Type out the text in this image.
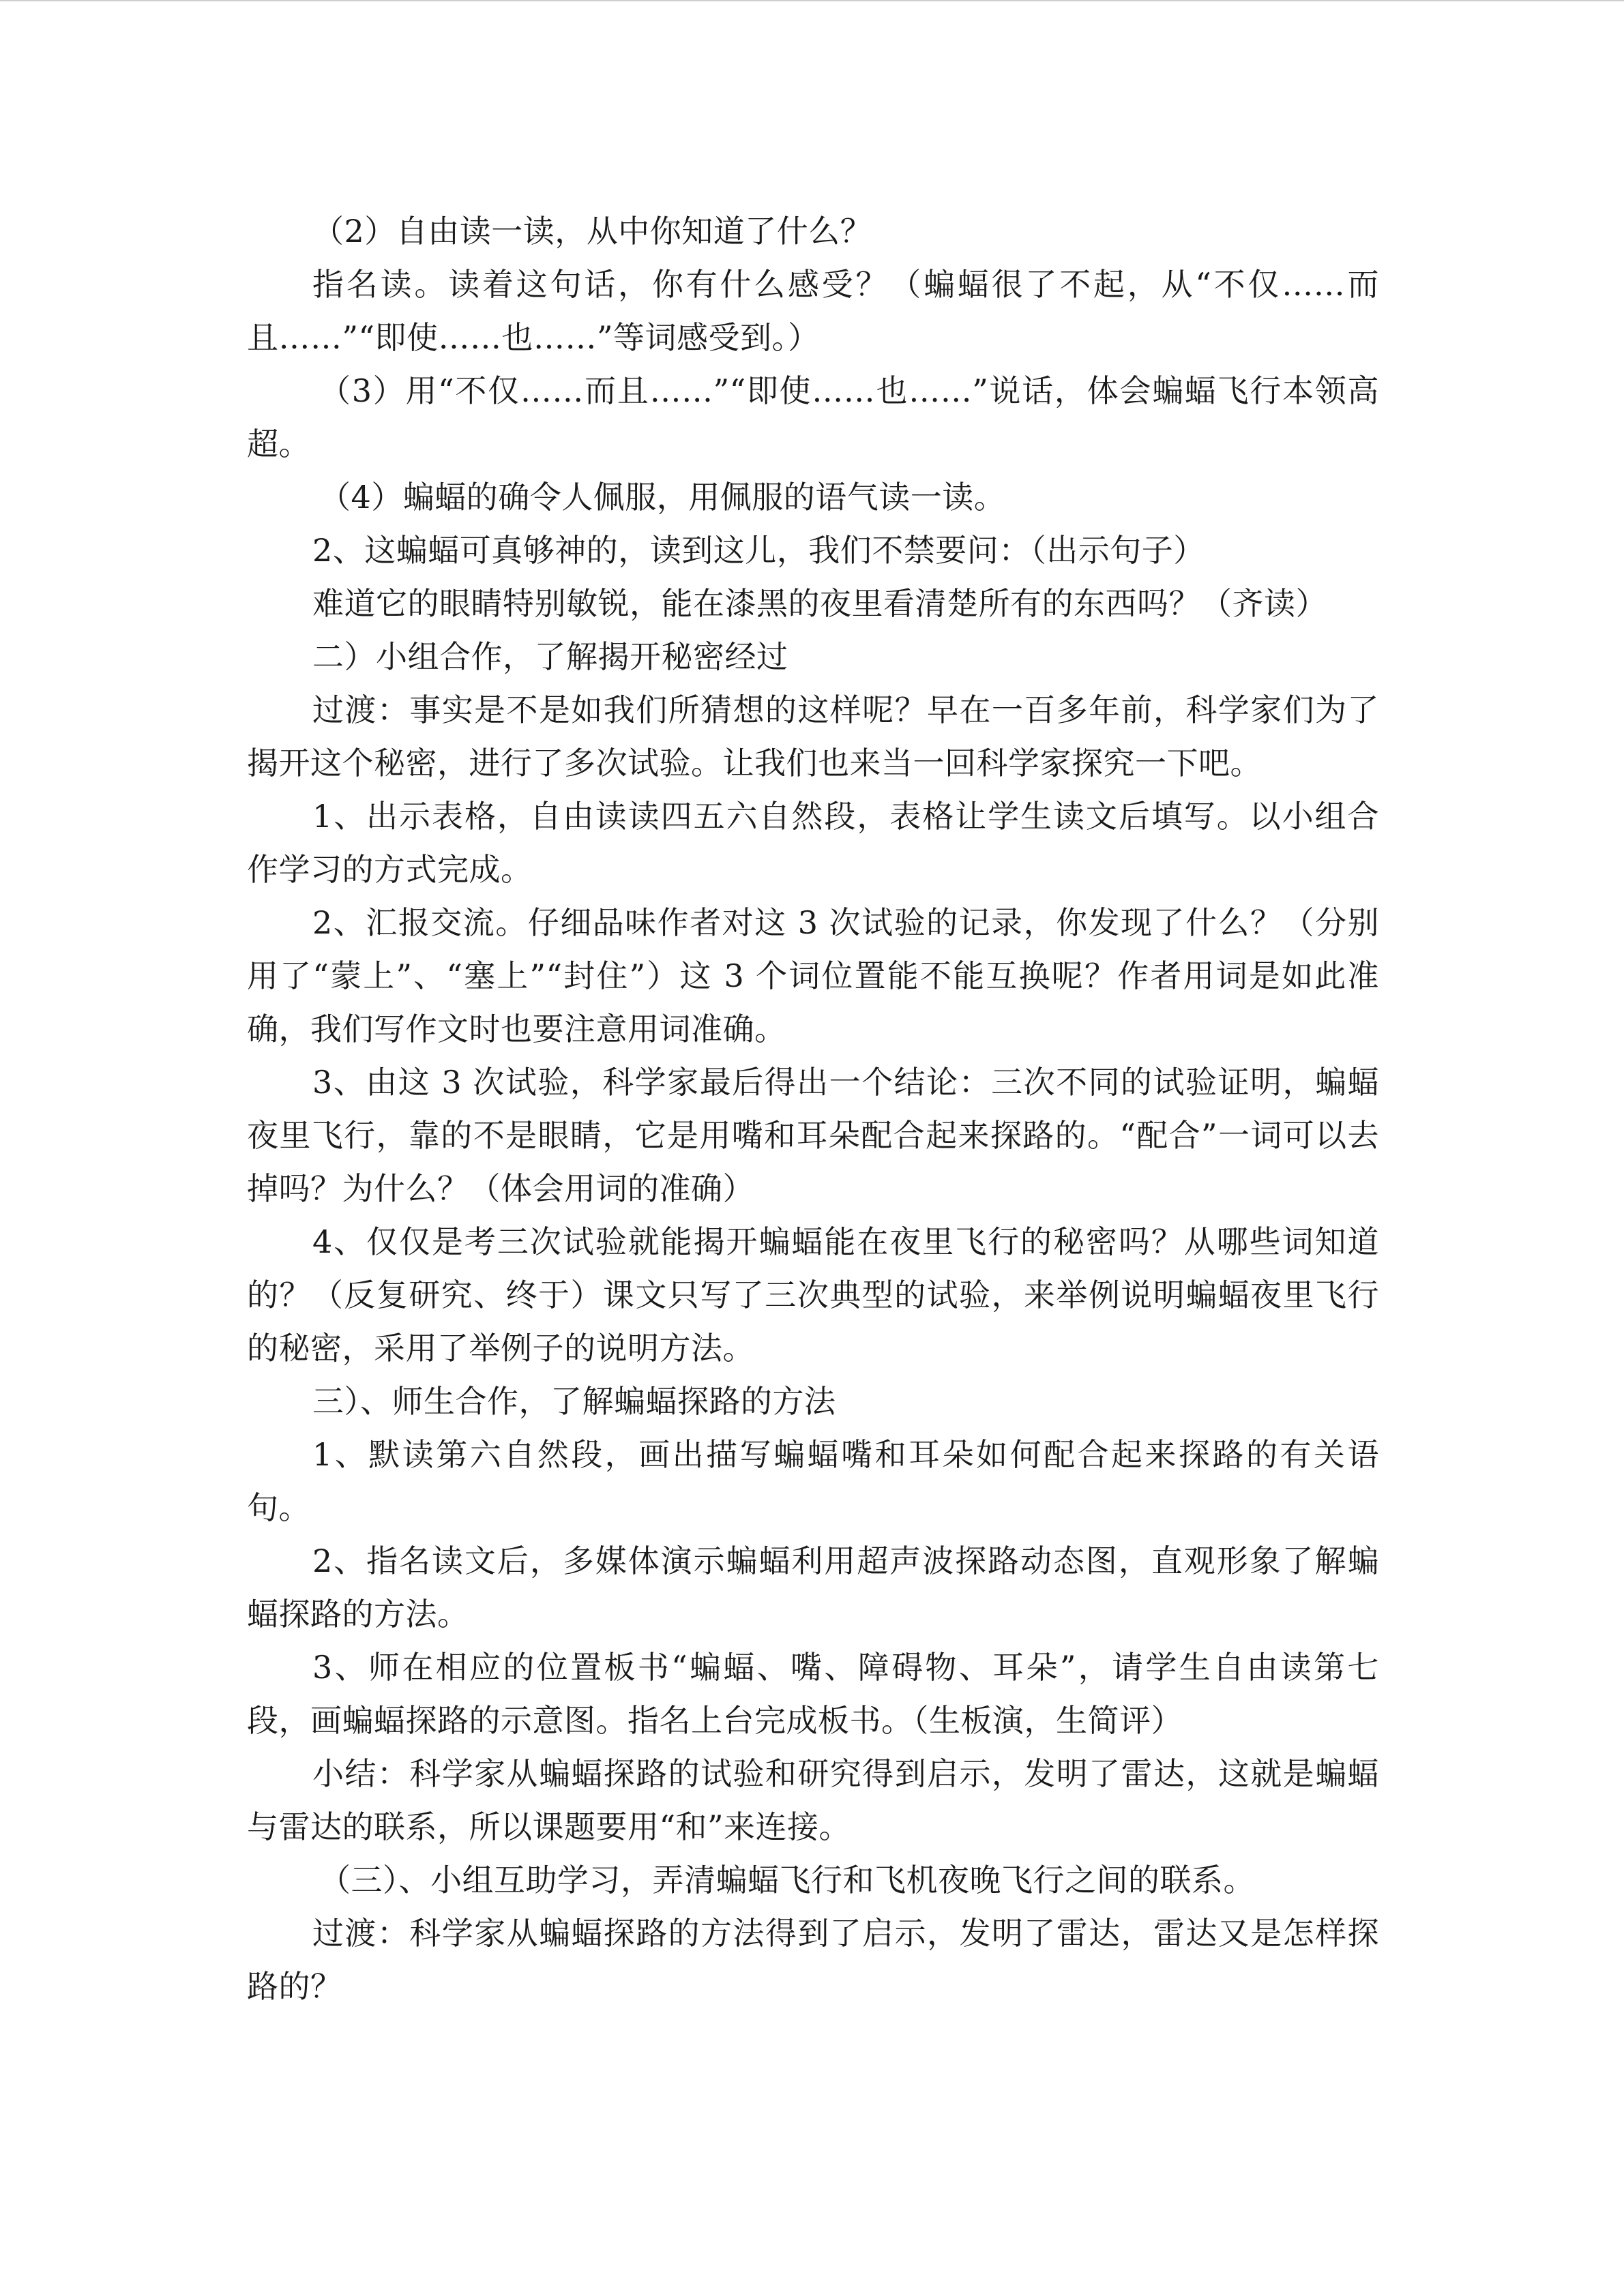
（2）自由读一读，从中你知道了什么？

指名读。读着这句话，你有什么感受？（蝙蝠很了不起，从“不仅……而且……”“即使……也……”等词感受到。）

（3）用“不仅……而且……”“即使……也……”说话，体会蝙蝠飞行本领高超。

（4）蝙蝠的确令人佩服，用佩服的语气读一读。

2、这蝙蝠可真够神的，读到这儿，我们不禁要问：（出示句子）

难道它的眼睛特别敏锐，能在漆黑的夜里看清楚所有的东西吗？（齐读）

二）小组合作，了解揭开秘密经过

过渡：事实是不是如我们所猜想的这样呢？早在一百多年前，科学家们为了揭开这个秘密，进行了多次试验。让我们也来当一回科学家探究一下吧。

1、出示表格，自由读读四五六自然段，表格让学生读文后填写。以小组合作学习的方式完成。

2、汇报交流。仔细品味作者对这 3 次试验的记录，你发现了什么？（分别用了“蒙上”、“塞上”“封住”）这 3 个词位置能不能互换呢？作者用词是如此准确，我们写作文时也要注意用词准确。

3、由这 3 次试验，科学家最后得出一个结论：三次不同的试验证明，蝙蝠夜里飞行，靠的不是眼睛，它是用嘴和耳朵配合起来探路的。“配合”一词可以去掉吗？为什么？（体会用词的准确）

4、仅仅是考三次试验就能揭开蝙蝠能在夜里飞行的秘密吗？从哪些词知道的？（反复研究、终于）课文只写了三次典型的试验，来举例说明蝙蝠夜里飞行的秘密，采用了举例子的说明方法。

三）、师生合作，了解蝙蝠探路的方法

1、默读第六自然段，画出描写蝙蝠嘴和耳朵如何配合起来探路的有关语句。

2、指名读文后，多媒体演示蝙蝠利用超声波探路动态图，直观形象了解蝙蝠探路的方法。

3、师在相应的位置板书“蝙蝠、嘴、障碍物、耳朵”，请学生自由读第七段，画蝙蝠探路的示意图。指名上台完成板书。（生板演，生简评）

小结：科学家从蝙蝠探路的试验和研究得到启示，发明了雷达，这就是蝙蝠与雷达的联系，所以课题要用“和”来连接。

（三）、小组互助学习，弄清蝙蝠飞行和飞机夜晚飞行之间的联系。

过渡：科学家从蝙蝠探路的方法得到了启示，发明了雷达，雷达又是怎样探路的？
